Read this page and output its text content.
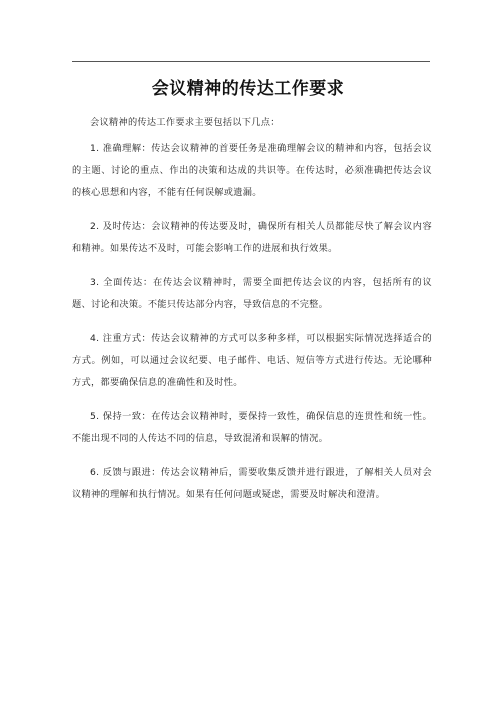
会议精神的传达工作要求

会议精神的传达工作要求主要包括以下几点：

1. 准确理解：传达会议精神的首要任务是准确理解会议的精神和内容，包括会议的主题、讨论的重点、作出的决策和达成的共识等。在传达时，必须准确把传达会议的核心思想和内容，不能有任何误解或遗漏。

2. 及时传达：会议精神的传达要及时，确保所有相关人员都能尽快了解会议内容和精神。如果传达不及时，可能会影响工作的进展和执行效果。

3. 全面传达：在传达会议精神时，需要全面把传达会议的内容，包括所有的议题、讨论和决策。不能只传达部分内容，导致信息的不完整。

4. 注重方式：传达会议精神的方式可以多种多样，可以根据实际情况选择适合的方式。例如，可以通过会议纪要、电子邮件、电话、短信等方式进行传达。无论哪种方式，都要确保信息的准确性和及时性。

5. 保持一致：在传达会议精神时，要保持一致性，确保信息的连贯性和统一性。不能出现不同的人传达不同的信息，导致混淆和误解的情况。

6. 反馈与跟进：传达会议精神后，需要收集反馈并进行跟进，了解相关人员对会议精神的理解和执行情况。如果有任何问题或疑虑，需要及时解决和澄清。
